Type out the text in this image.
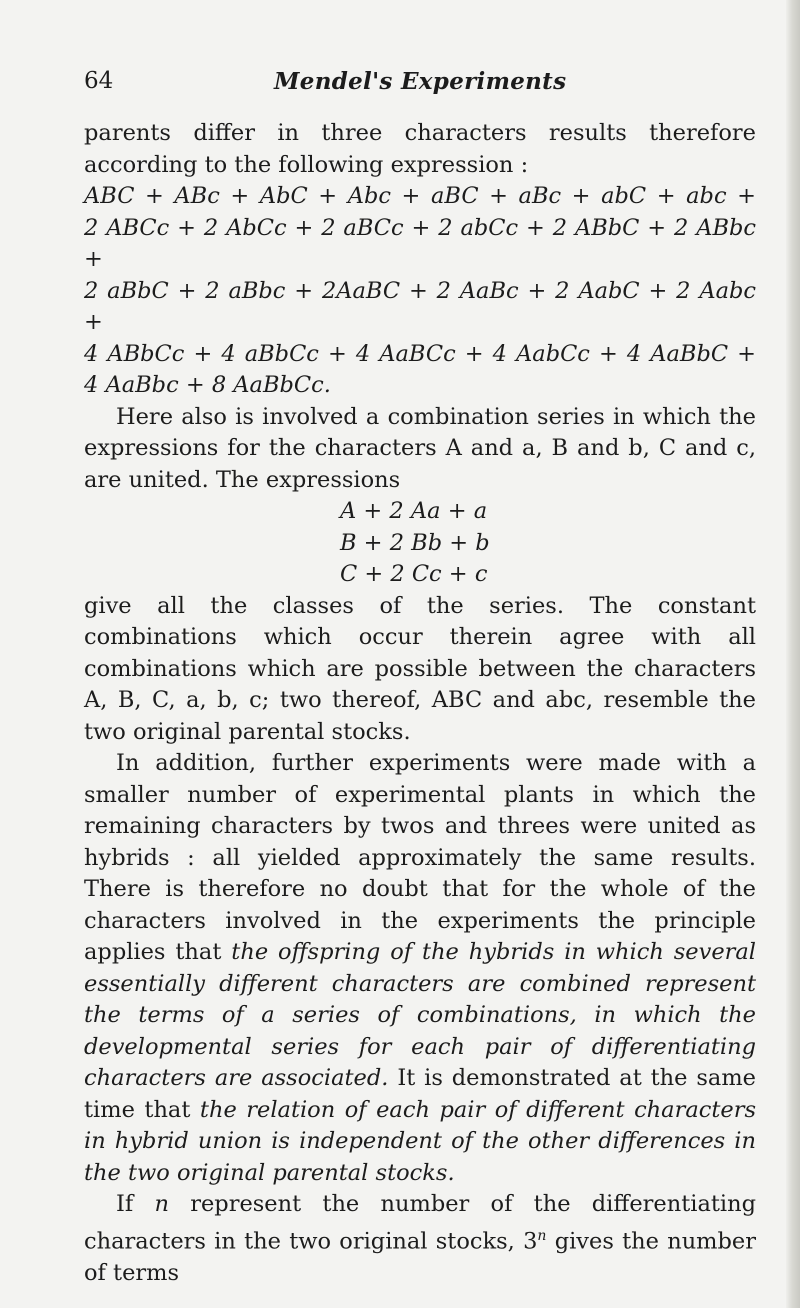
64	Mendel's Experiments

parents differ in three characters results therefore according to the following expression :

ABC + ABc + AbC + Abc + aBC + aBc + abC + abc +

2 ABCc + 2 AbCc + 2 aBCc + 2 abCc + 2 ABbC + 2 ABbc +

2 aBbC + 2 aBbc + 2AaBC + 2 AaBc + 2 AabC + 2 Aabc +

4 ABbCc + 4 aBbCc + 4 AaBCc + 4 AabCc + 4 AaBbC +

4 AaBbc + 8 AaBbCc.

Here also is involved a combination series in which the expressions for the characters A and a, B and b, C and c, are united. The expressions

A + 2 Aa + a
B + 2 Bb + b
C + 2 Cc + c

give all the classes of the series. The constant combinations which occur therein agree with all combinations which are possible between the characters A, B, C, a, b, c; two thereof, ABC and abc, resemble the two original parental stocks.

In addition, further experiments were made with a smaller number of experimental plants in which the remaining characters by twos and threes were united as hybrids : all yielded approximately the same results. There is therefore no doubt that for the whole of the characters involved in the experiments the principle applies that the offspring of the hybrids in which several essentially different characters are combined represent the terms of a series of combinations, in which the developmental series for each pair of differentiating characters are associated. It is demonstrated at the same time that the relation of each pair of different characters in hybrid union is independent of the other differences in the two original parental stocks.

If n represent the number of the differentiating characters in the two original stocks, 3$^n$ gives the number of terms
